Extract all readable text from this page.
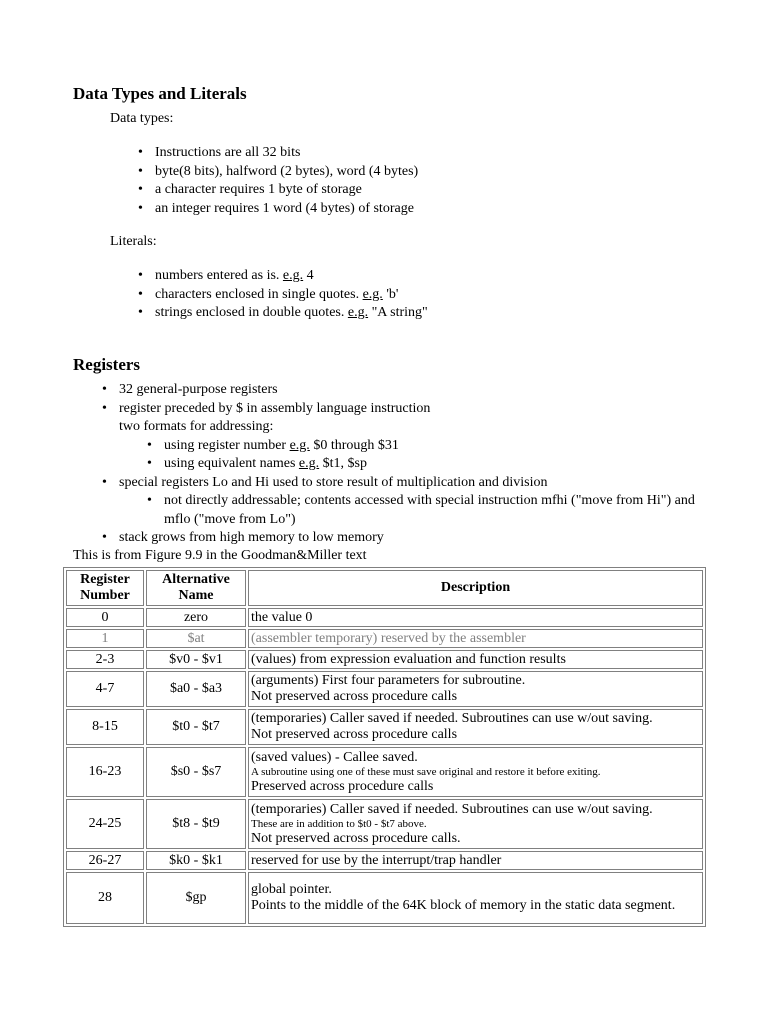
Data Types and Literals
Data types:
• Instructions are all 32 bits
• byte(8 bits), halfword (2 bytes), word (4 bytes)
• a character requires 1 byte of storage
• an integer requires 1 word (4 bytes) of storage
Literals:
• numbers entered as is. e.g. 4
• characters enclosed in single quotes. e.g. 'b'
• strings enclosed in double quotes. e.g. "A string"
Registers
• 32 general-purpose registers
• register preceded by $ in assembly language instruction
two formats for addressing:
• using register number e.g. $0 through $31
• using equivalent names e.g. $t1, $sp
• special registers Lo and Hi used to store result of multiplication and division
• not directly addressable; contents accessed with special instruction mfhi ("move from Hi") and mflo ("move from Lo")
• stack grows from high memory to low memory
This is from Figure 9.9 in the Goodman&Miller text
Register Number	Alternative Name	Description
0	zero	the value 0
1	$at	(assembler temporary) reserved by the assembler
2-3	$v0 - $v1	(values) from expression evaluation and function results
4-7	$a0 - $a3	(arguments) First four parameters for subroutine.
Not preserved across procedure calls

8-15	$t0 - $t7	(temporaries) Caller saved if needed. Subroutines can use w/out saving.
Not preserved across procedure calls

16-23	$s0 - $s7	(saved values) - Callee saved.
A subroutine using one of these must save original and restore it before exiting.
Preserved across procedure calls

24-25	$t8 - $t9	(temporaries) Caller saved if needed. Subroutines can use w/out saving.
These are in addition to $t0 - $t7 above.
Not preserved across procedure calls.

26-27	$k0 - $k1	reserved for use by the interrupt/trap handler
28	$gp	global pointer.
Points to the middle of the 64K block of memory in the static data segment.
